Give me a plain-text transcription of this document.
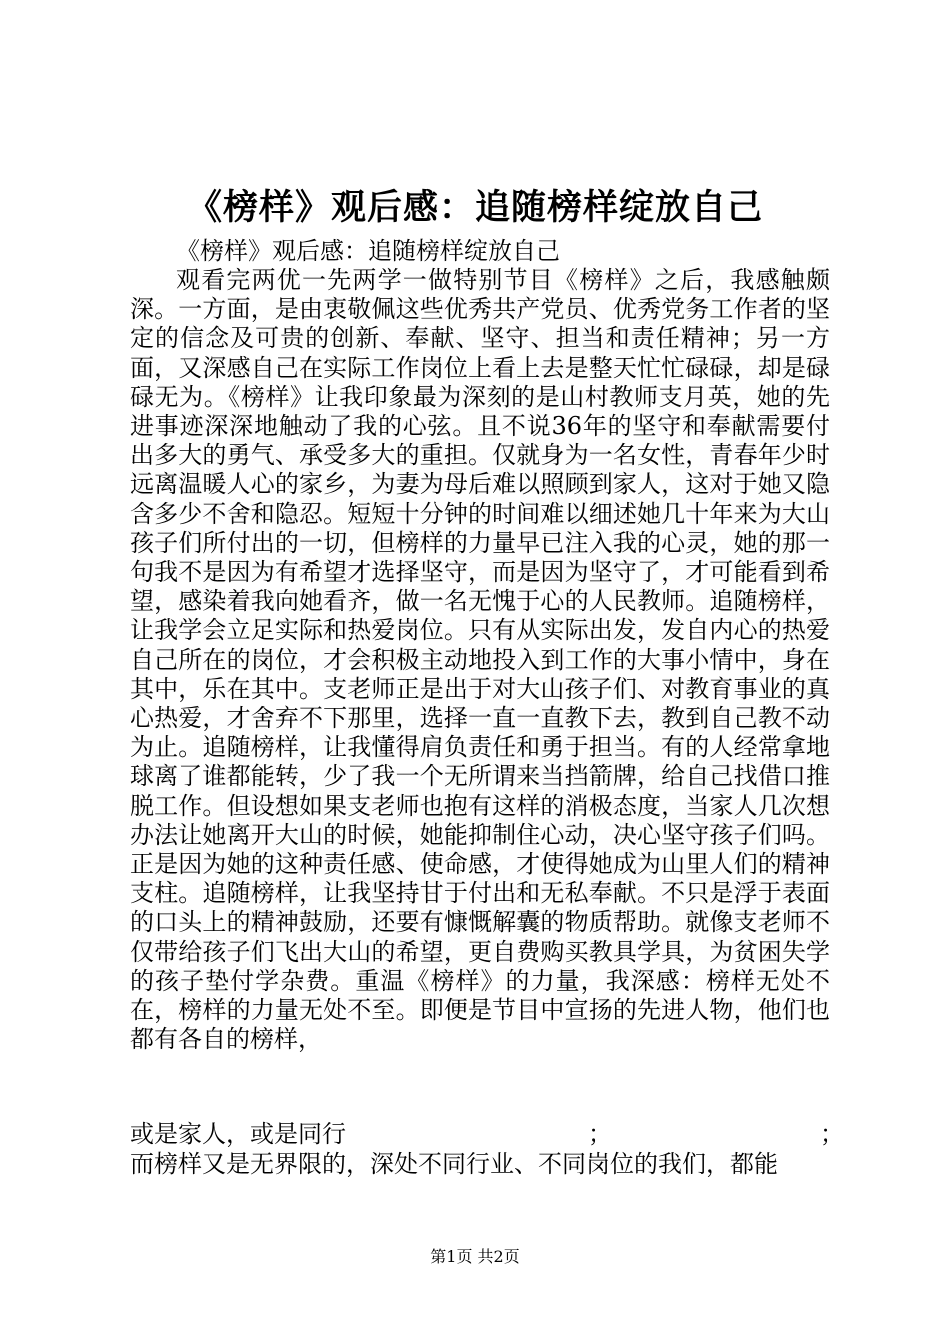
《榜样》观后感：追随榜样绽放自己
《榜样》观后感：追随榜样绽放自己
观看完两优一先两学一做特别节目《榜样》之后，我感触颇深。一方面，是由衷敬佩这些优秀共产党员、优秀党务工作者的坚定的信念及可贵的创新、奉献、坚守、担当和责任精神；另一方面，又深感自己在实际工作岗位上看上去是整天忙忙碌碌，却是碌碌无为。《榜样》让我印象最为深刻的是山村教师支月英，她的先进事迹深深地触动了我的心弦。且不说36年的坚守和奉献需要付出多大的勇气、承受多大的重担。仅就身为一名女性，青春年少时远离温暖人心的家乡，为妻为母后难以照顾到家人，这对于她又隐含多少不舍和隐忍。短短十分钟的时间难以细述她几十年来为大山孩子们所付出的一切，但榜样的力量早已注入我的心灵，她的那一句我不是因为有希望才选择坚守，而是因为坚守了，才可能看到希望，感染着我向她看齐，做一名无愧于心的人民教师。追随榜样，让我学会立足实际和热爱岗位。只有从实际出发，发自内心的热爱自己所在的岗位，才会积极主动地投入到工作的大事小情中，身在其中，乐在其中。支老师正是出于对大山孩子们、对教育事业的真心热爱，才舍弃不下那里，选择一直一直教下去，教到自己教不动为止。追随榜样，让我懂得肩负责任和勇于担当。有的人经常拿地球离了谁都能转，少了我一个无所谓来当挡箭牌，给自己找借口推脱工作。但设想如果支老师也抱有这样的消极态度，当家人几次想办法让她离开大山的时候，她能抑制住心动，决心坚守孩子们吗。正是因为她的这种责任感、使命感，才使得她成为山里人们的精神支柱。追随榜样，让我坚持甘于付出和无私奉献。不只是浮于表面的口头上的精神鼓励，还要有慷慨解囊的物质帮助。就像支老师不仅带给孩子们飞出大山的希望，更自费购买教具学具，为贫困失学的孩子垫付学杂费。重温《榜样》的力量，我深感：榜样无处不在，榜样的力量无处不至。即便是节目中宣扬的先进人物，他们也都有各自的榜样，
或是家人，或是同行	；	；
而榜样又是无界限的，深处不同行业、不同岗位的我们，都能
第1页 共2页
